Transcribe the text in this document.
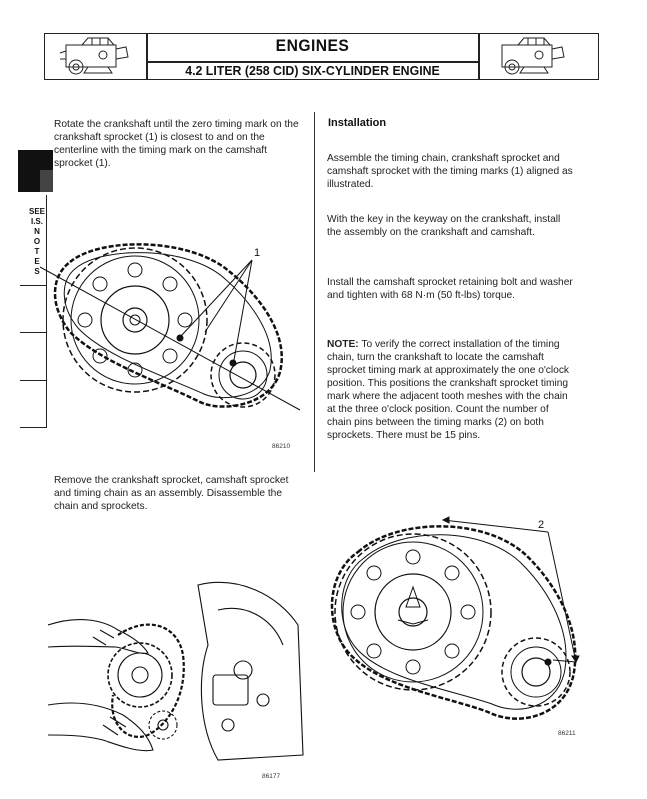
ENGINES
4.2 LITER (258 CID) SIX-CYLINDER ENGINE
SEE
I.S.
N
O
T
E
S
Rotate the crankshaft until the zero timing mark on the crankshaft sprocket (1) is closest to and on the centerline with the timing mark on the camshaft sprocket (1).
1
86210
Remove the crankshaft sprocket, camshaft sprocket and timing chain as an assembly. Disassemble the chain and sprockets.
86177
Installation
Assemble the timing chain, crankshaft sprocket and camshaft sprocket with the timing marks (1) aligned as illustrated.
With the key in the keyway on the crankshaft, install the assembly on the crankshaft and camshaft.
Install the camshaft sprocket retaining bolt and washer and tighten with 68 N·m (50 ft-lbs) torque.
NOTE: To verify the correct installation of the timing chain, turn the crankshaft to locate the camshaft sprocket timing mark at approximately the one o'clock position. This positions the crankshaft sprocket timing mark where the adjacent tooth meshes with the chain at the three o'clock position. Count the number of chain pins between the timing marks (2) on both sprockets. There must be 15 pins.
2
86211
